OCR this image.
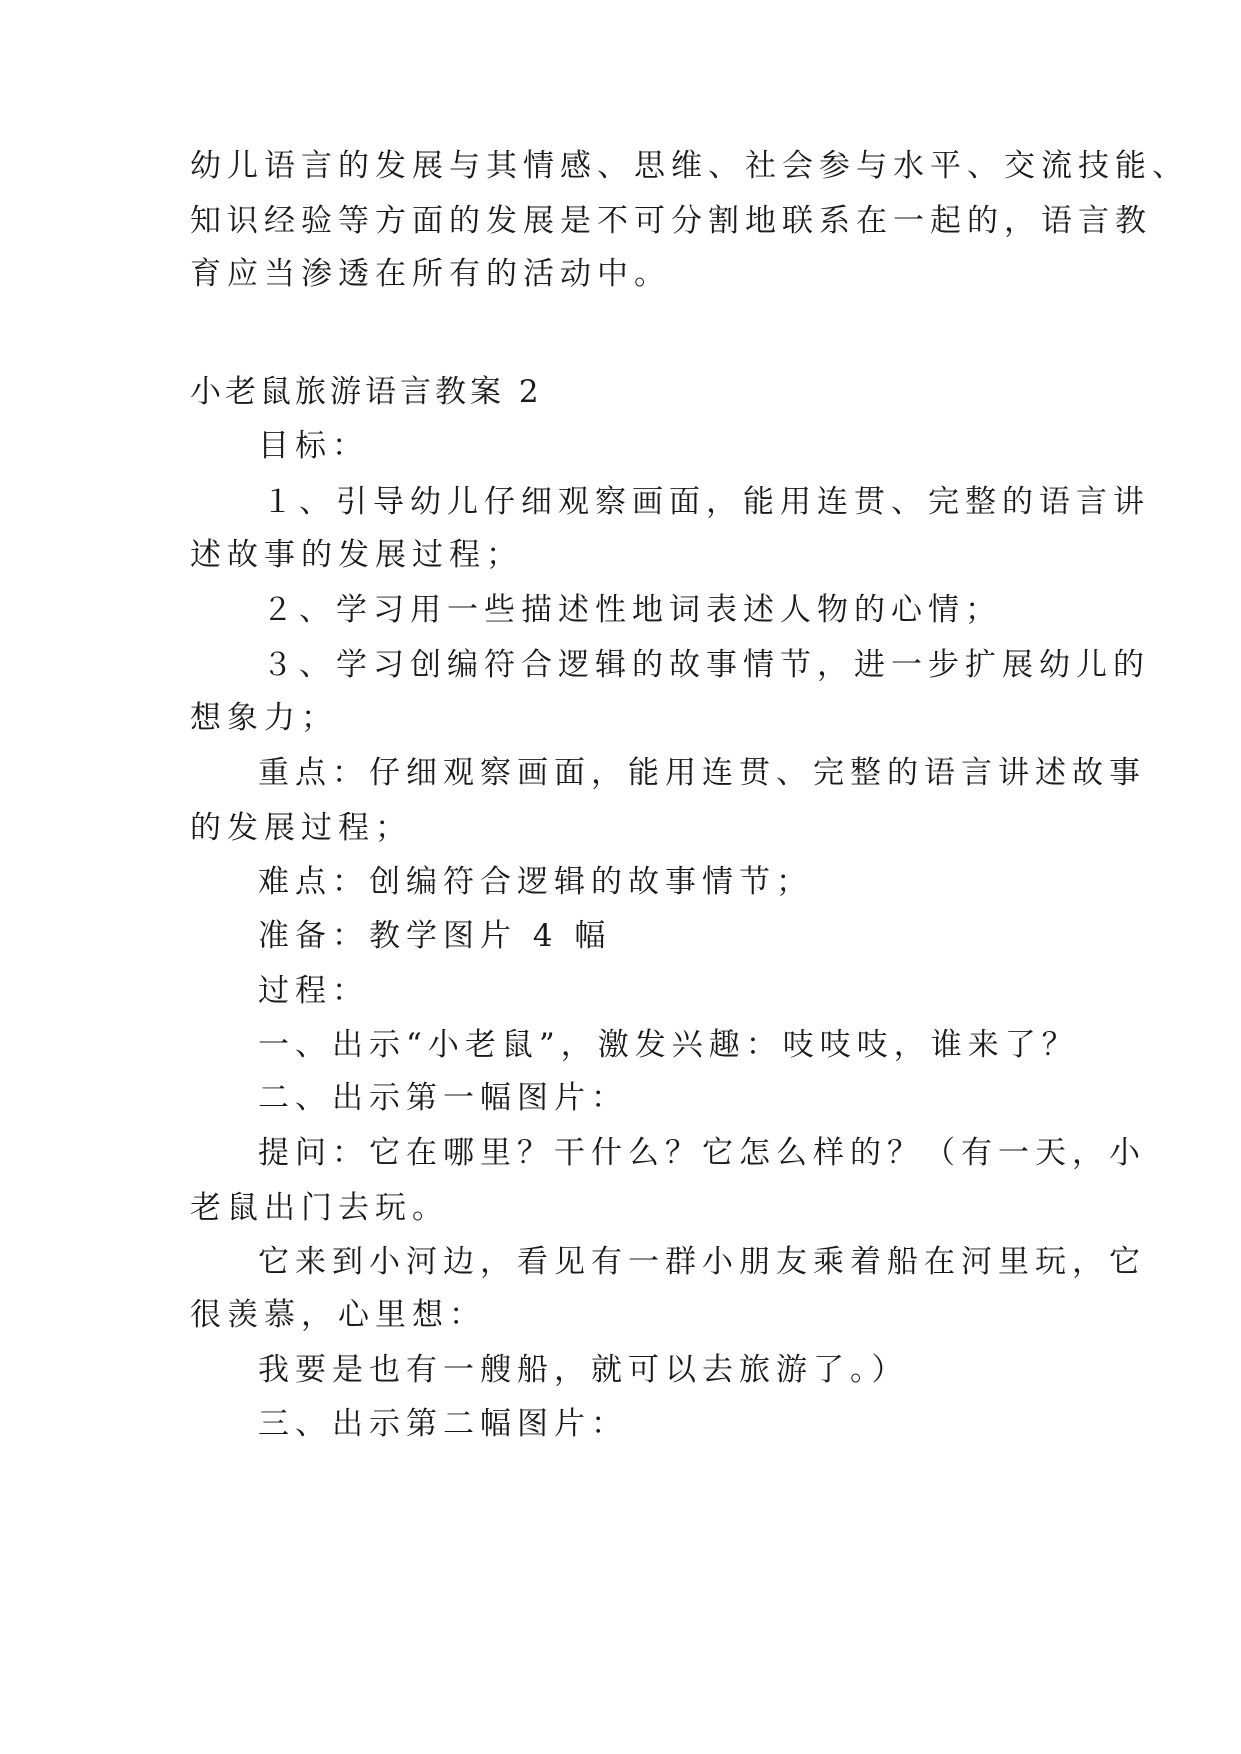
幼儿语言的发展与其情感、思维、社会参与水平、交流技能、

知识经验等方面的发展是不可分割地联系在一起的，语言教

育应当渗透在所有的活动中。

小老鼠旅游语言教案 2

目标：

１、引导幼儿仔细观察画面，能用连贯、完整的语言讲

述故事的发展过程；

２、学习用一些描述性地词表述人物的心情；

３、学习创编符合逻辑的故事情节，进一步扩展幼儿的

想象力；

重点：仔细观察画面，能用连贯、完整的语言讲述故事

的发展过程；

难点：创编符合逻辑的故事情节；

准备：教学图片 4 幅

过程：

一、出示“小老鼠”，激发兴趣：吱吱吱，谁来了？

二、出示第一幅图片：

提问：它在哪里？干什么？它怎么样的？（有一天，小

老鼠出门去玩。

它来到小河边，看见有一群小朋友乘着船在河里玩，它

很羡慕，心里想：

我要是也有一艘船，就可以去旅游了。）

三、出示第二幅图片：
